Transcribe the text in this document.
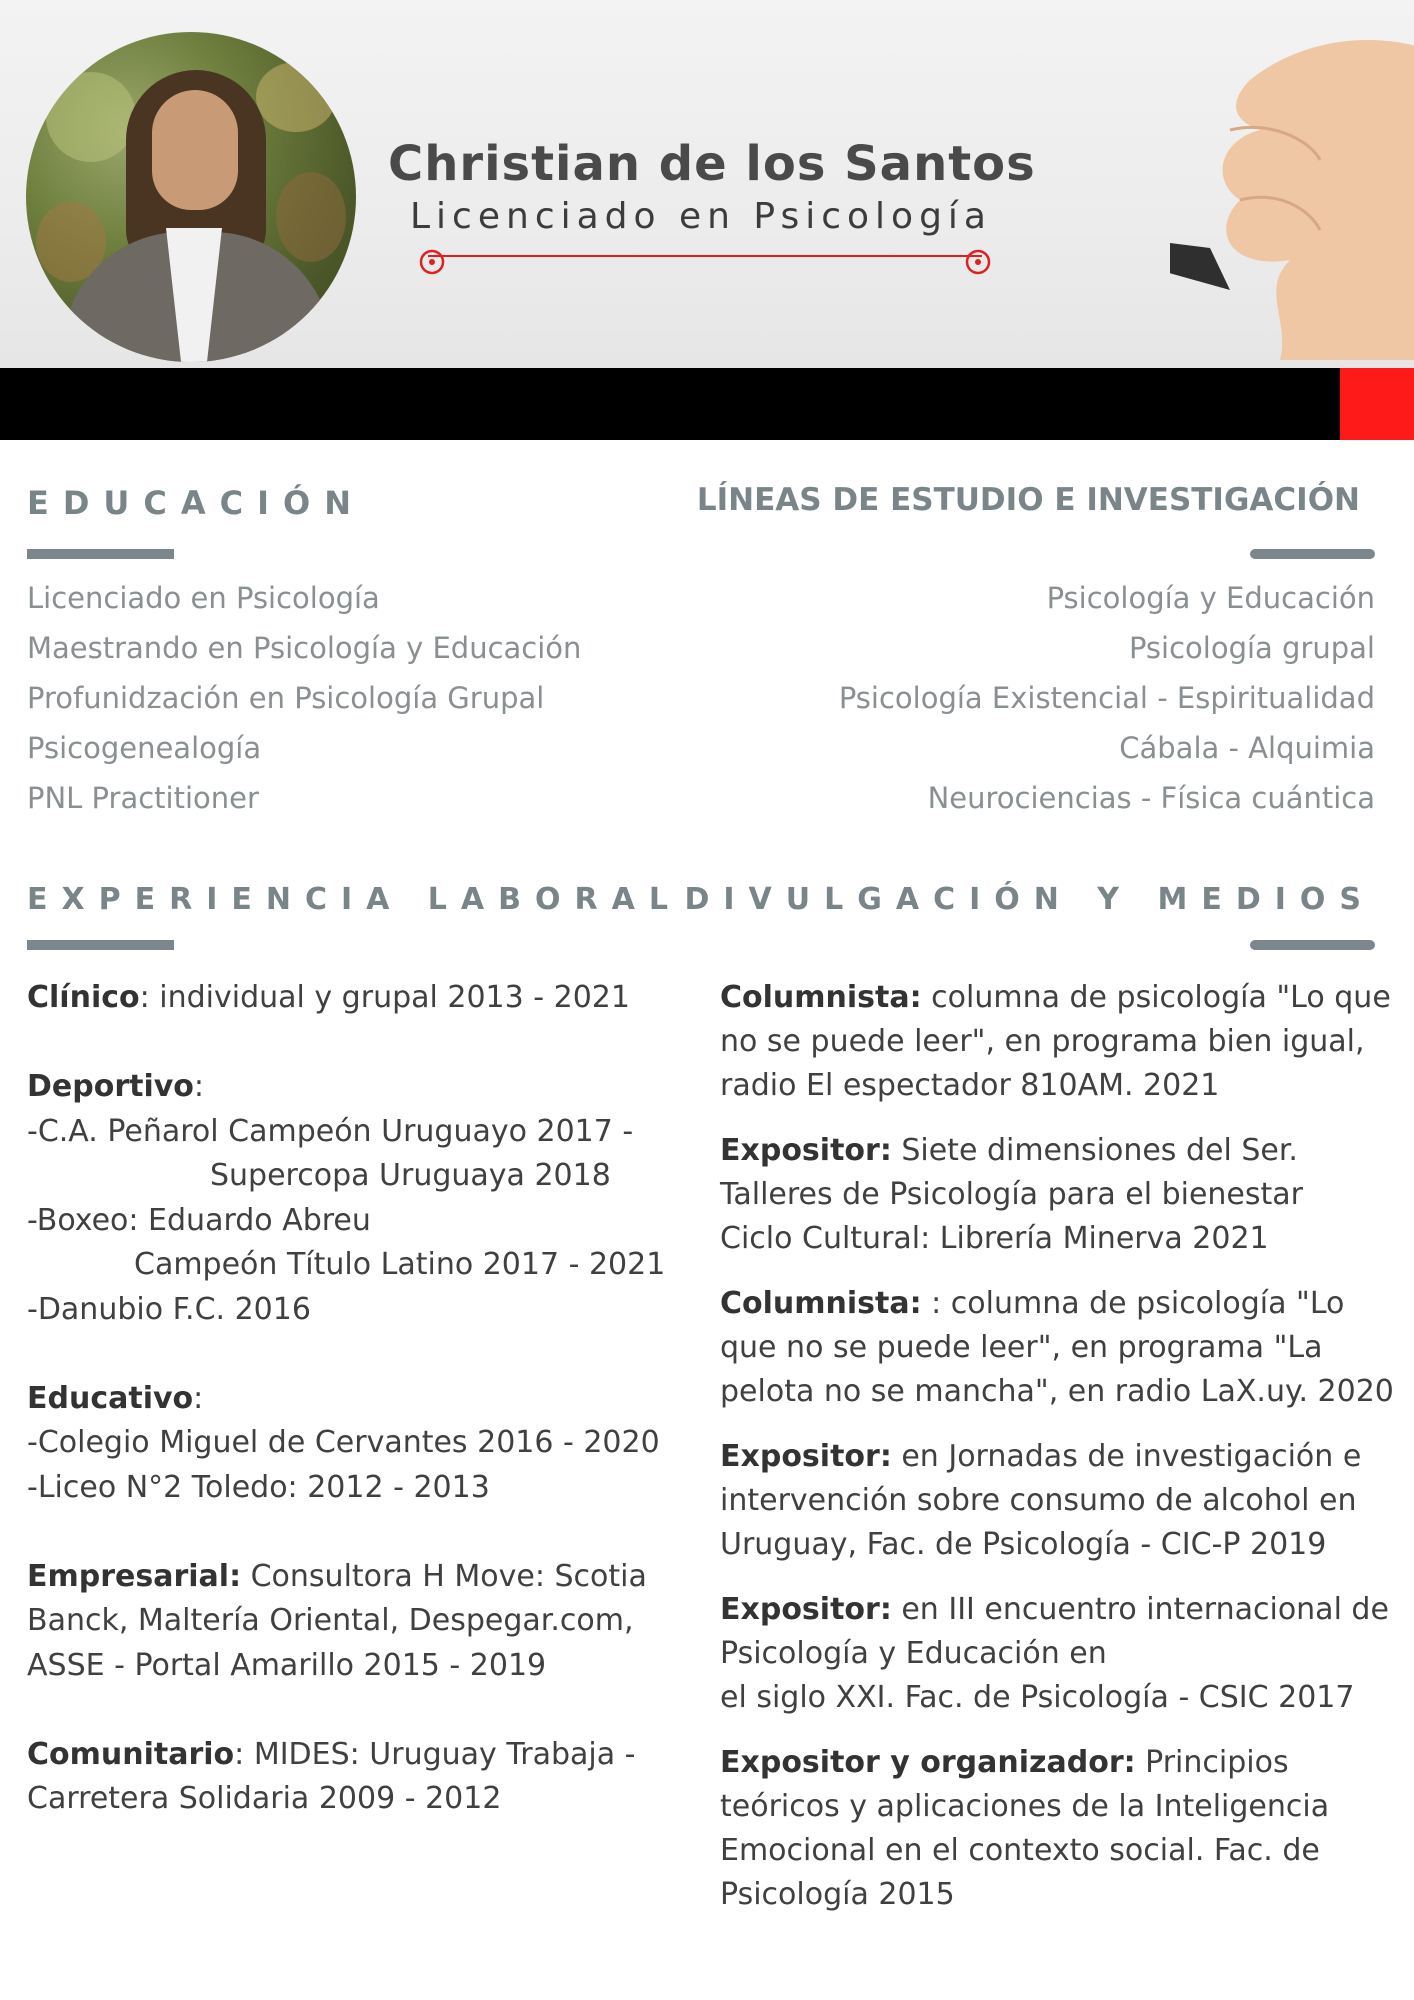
Christian de los Santos
Licenciado en Psicología
EDUCACIÓN
Licenciado en Psicología
Maestrando en Psicología y Educación
Profunidzación en Psicología Grupal
Psicogenealogía
PNL Practitioner
LÍNEAS DE ESTUDIO E INVESTIGACIÓN
Psicología y Educación
Psicología grupal
Psicología Existencial - Espiritualidad
Cábala - Alquimia
Neurociencias - Física cuántica
EXPERIENCIA LABORAL
Clínico: individual y grupal 2013 - 2021
Deportivo:
-C.A. Peñarol Campeón Uruguayo 2017 -
Supercopa Uruguaya 2018
-Boxeo: Eduardo Abreu
Campeón Título Latino 2017 - 2021
-Danubio F.C. 2016
Educativo:
-Colegio Miguel de Cervantes 2016 - 2020
-Liceo N°2 Toledo: 2012 - 2013
Empresarial: Consultora H Move: Scotia
Banck, Maltería Oriental, Despegar.com,
ASSE - Portal Amarillo 2015 - 2019
Comunitario: MIDES: Uruguay Trabaja -
Carretera Solidaria 2009 - 2012
DIVULGACIÓN Y MEDIOS
Columnista: columna de psicología "Lo que
no se puede leer", en programa bien igual,
radio El espectador 810AM. 2021
Expositor: Siete dimensiones del Ser.
Talleres de Psicología para el bienestar
Ciclo Cultural: Librería Minerva 2021
Columnista: : columna de psicología "Lo
que no se puede leer", en programa "La
pelota no se mancha", en radio LaX.uy. 2020
Expositor: en Jornadas de investigación e
intervención sobre consumo de alcohol en
Uruguay, Fac. de Psicología - CIC-P 2019
Expositor: en III encuentro internacional de
Psicología y Educación en
el siglo XXI. Fac. de Psicología - CSIC 2017
Expositor y organizador: Principios
teóricos y aplicaciones de la Inteligencia
Emocional en el contexto social. Fac. de
Psicología 2015
